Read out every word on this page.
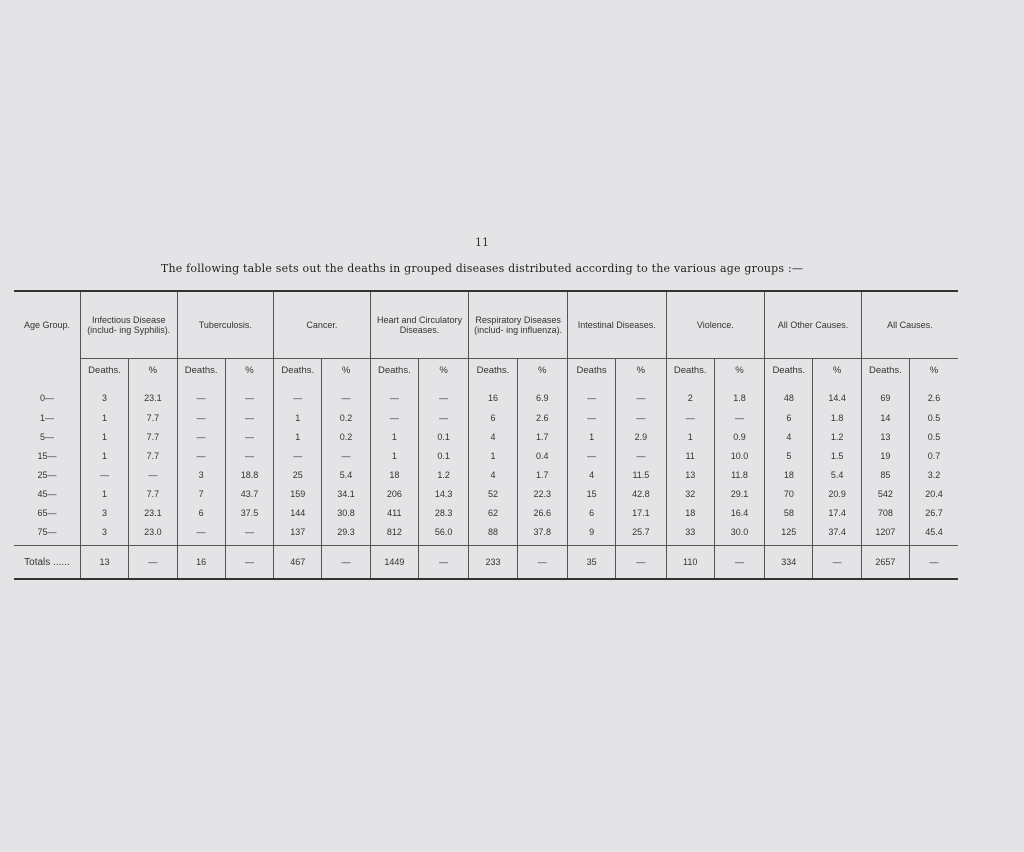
11
The following table sets out the deaths in grouped diseases distributed according to the various age groups :—
Age Group.	Infectious Disease (includ- ing Syphilis).		Tuberculosis.		Cancer.		Heart and Circulatory Diseases.		Respiratory Diseases (includ- ing influenza).		Intestinal Diseases.		Violence.		All Other Causes.		All Causes.	
	Deaths.	%	Deaths.	%	Deaths.	%	Deaths.	%	Deaths.	%	Deaths	%	Deaths.	%	Deaths.	%	Deaths.	%
0—	3	23.1	—	—	—	—	—	—	16	6.9	—	—	2	1.8	48	14.4	69	2.6
1—	1	7.7	—	—	1	0.2	—	—	6	2.6	—	—	—	—	6	1.8	14	0.5
5—	1	7.7	—	—	1	0.2	1	0.1	4	1.7	1	2.9	1	0.9	4	1.2	13	0.5
15—	1	7.7	—	—	—	—	1	0.1	1	0.4	—	—	11	10.0	5	1.5	19	0.7
25—	—	—	3	18.8	25	5.4	18	1.2	4	1.7	4	11.5	13	11.8	18	5.4	85	3.2
45—	1	7.7	7	43.7	159	34.1	206	14.3	52	22.3	15	42.8	32	29.1	70	20.9	542	20.4
65—	3	23.1	6	37.5	144	30.8	411	28.3	62	26.6	6	17.1	18	16.4	58	17.4	708	26.7
75—	3	23.0	—	—	137	29.3	812	56.0	88	37.8	9	25.7	33	30.0	125	37.4	1207	45.4
Totals ......	13	—	16	—	467	—	1449	—	233	—	35	—	110	—	334	—	2657	—
